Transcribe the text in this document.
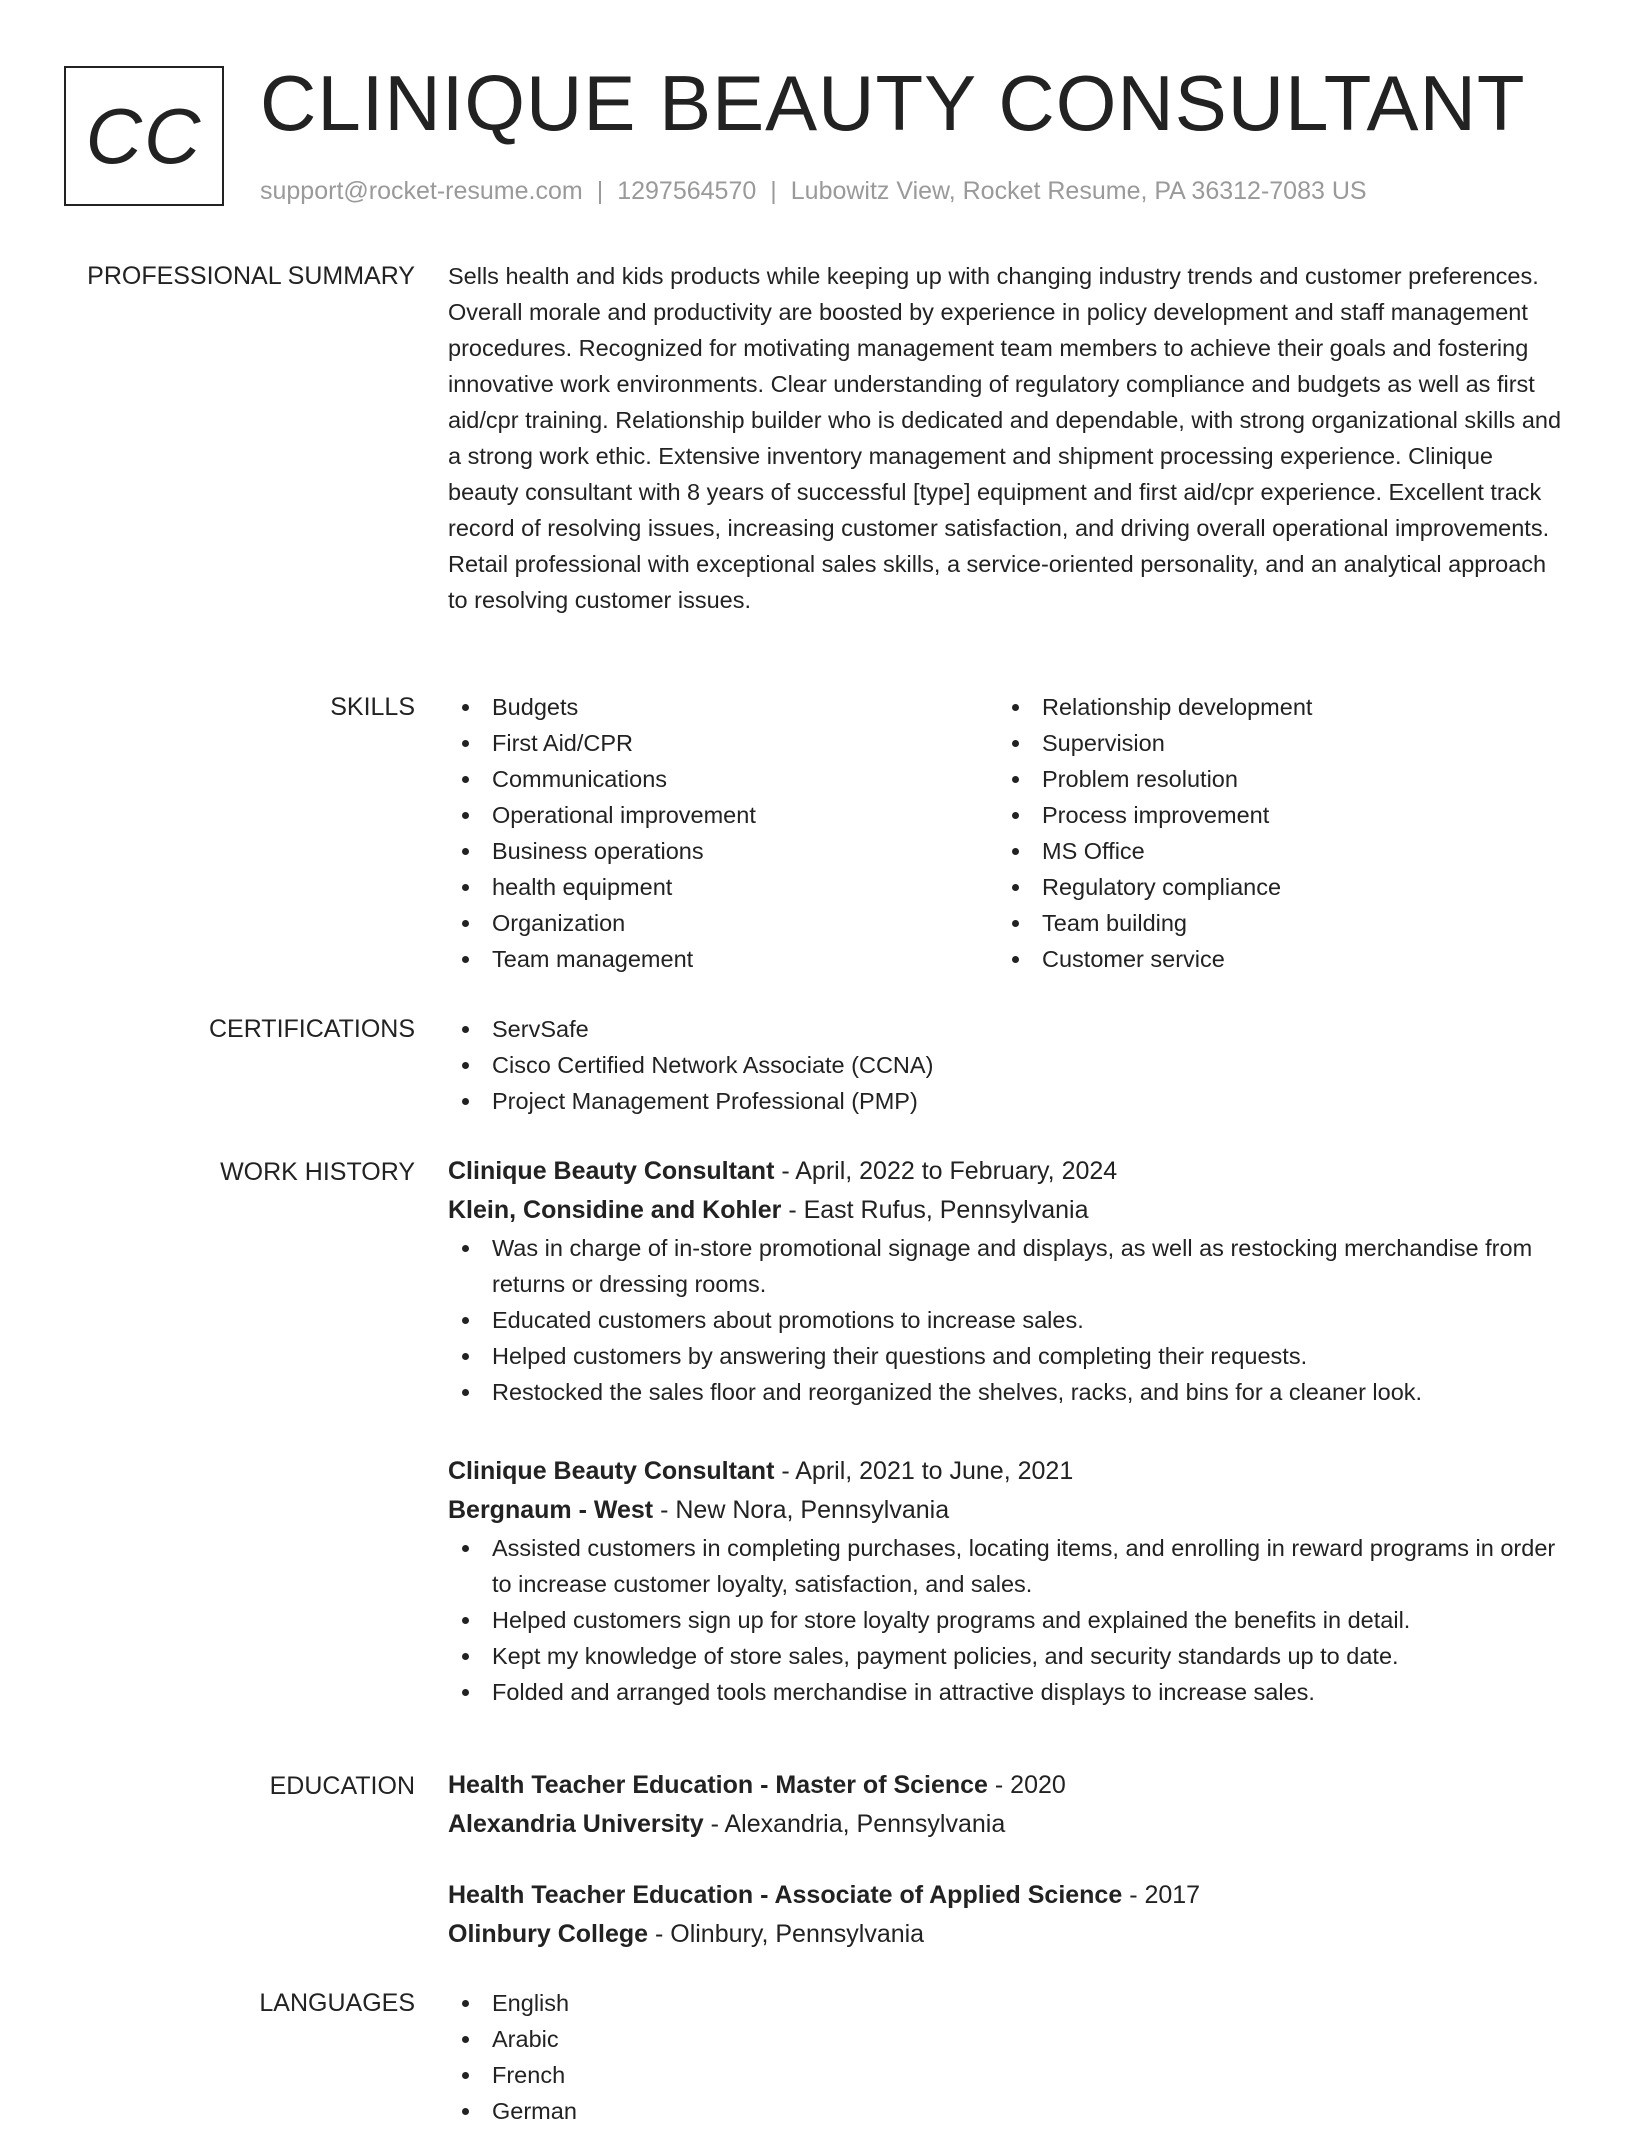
CC CLINIQUE BEAUTY CONSULTANT
support@rocket-resume.com | 1297564570 | Lubowitz View, Rocket Resume, PA 36312-7083 US
PROFESSIONAL SUMMARY Sells health and kids products while keeping up with changing industry trends and customer preferences. Overall morale and productivity are boosted by experience in policy development and staff management procedures. Recognized for motivating management team members to achieve their goals and fostering innovative work environments. Clear understanding of regulatory compliance and budgets as well as first aid/cpr training. Relationship builder who is dedicated and dependable, with strong organizational skills and a strong work ethic. Extensive inventory management and shipment processing experience. Clinique beauty consultant with 8 years of successful [type] equipment and first aid/cpr experience. Excellent track record of resolving issues, increasing customer satisfaction, and driving overall operational improvements. Retail professional with exceptional sales skills, a service-oriented personality, and an analytical approach to resolving customer issues.

SKILLS	Budgets
First Aid/CPR
Communications
Operational improvement
Business operations
health equipment
Organization
Team management
Relationship development
Supervision
Problem resolution
Process improvement
MS Office
Regulatory compliance
Team building
Customer service
CERTIFICATIONS	ServSafe
Cisco Certified Network Associate (CCNA)
Project Management Professional (PMP)
WORK HISTORY Clinique Beauty Consultant - April, 2022 to February, 2024
Klein, Considine and Kohler - East Rufus, Pennsylvania
Was in charge of in-store promotional signage and displays, as well as restocking merchandise from returns or dressing rooms.
Educated customers about promotions to increase sales.
Helped customers by answering their questions and completing their requests.
Restocked the sales floor and reorganized the shelves, racks, and bins for a cleaner look.
Clinique Beauty Consultant - April, 2021 to June, 2021
Bergnaum - West - New Nora, Pennsylvania
Assisted customers in completing purchases, locating items, and enrolling in reward programs in order to increase customer loyalty, satisfaction, and sales.
Helped customers sign up for store loyalty programs and explained the benefits in detail.
Kept my knowledge of store sales, payment policies, and security standards up to date.
Folded and arranged tools merchandise in attractive displays to increase sales.
EDUCATION Health Teacher Education - Master of Science - 2020
Alexandria University - Alexandria, Pennsylvania
Health Teacher Education - Associate of Applied Science - 2017
Olinbury College - Olinbury, Pennsylvania
LANGUAGES	English
Arabic
French
German
